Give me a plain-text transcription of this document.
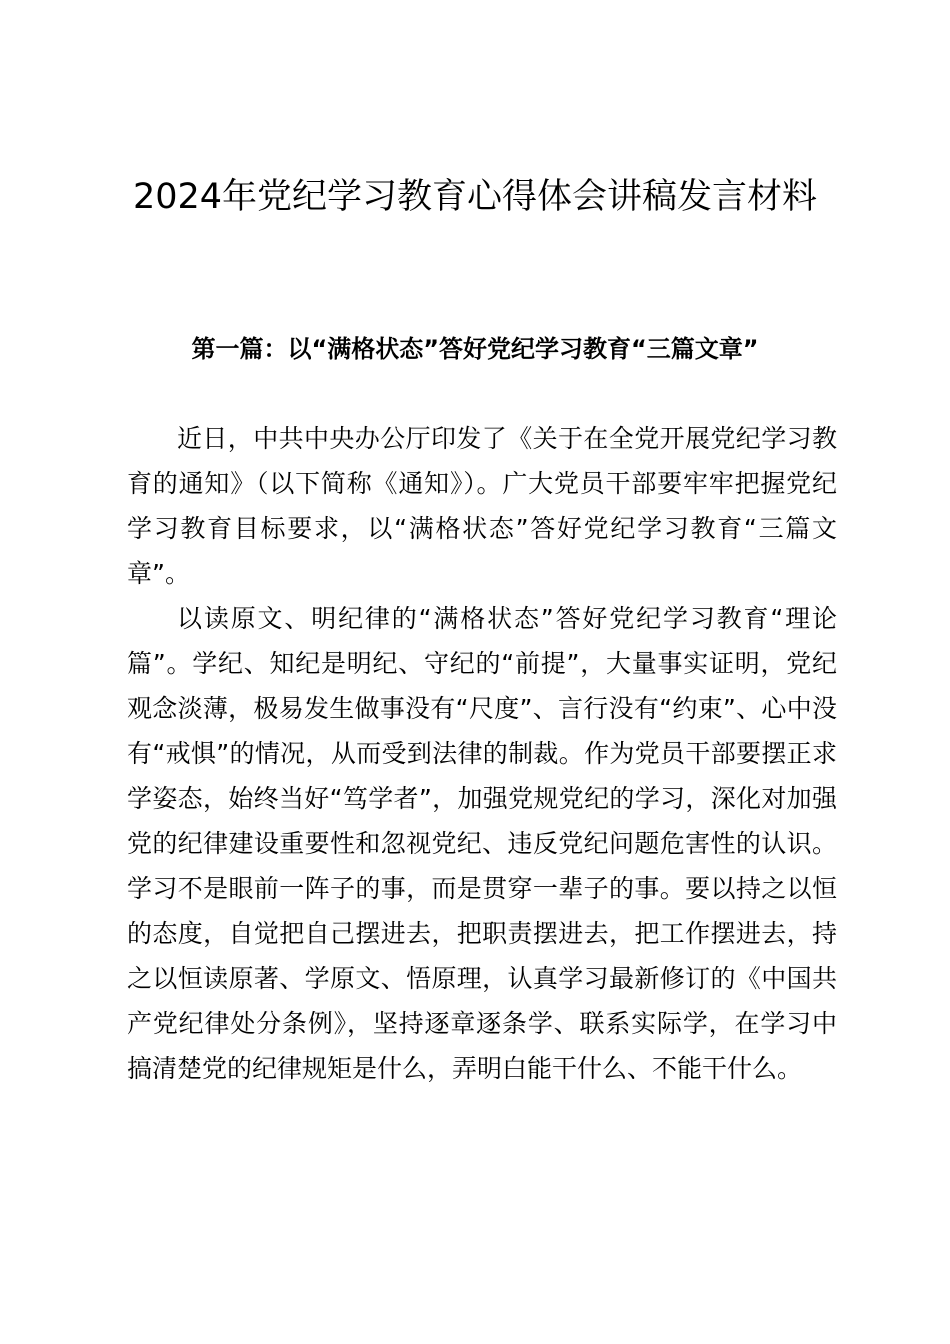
2024年党纪学习教育心得体会讲稿发言材料
第一篇：以“满格状态”答好党纪学习教育“三篇文章”

近日，中共中央办公厅印发了《关于在全党开展党纪学习教育的通知》（以下简称《通知》）。广大党员干部要牢牢把握党纪学习教育目标要求，以“满格状态”答好党纪学习教育“三篇文章”。

以读原文、明纪律的“满格状态”答好党纪学习教育“理论篇”。学纪、知纪是明纪、守纪的“前提”，大量事实证明，党纪观念淡薄，极易发生做事没有“尺度”、言行没有“约束”、心中没有“戒惧”的情况，从而受到法律的制裁。作为党员干部要摆正求学姿态，始终当好“笃学者”，加强党规党纪的学习，深化对加强党的纪律建设重要性和忽视党纪、违反党纪问题危害性的认识。学习不是眼前一阵子的事，而是贯穿一辈子的事。要以持之以恒的态度，自觉把自己摆进去，把职责摆进去，把工作摆进去，持之以恒读原著、学原文、悟原理，认真学习最新修订的《中国共产党纪律处分条例》，坚持逐章逐条学、联系实际学，在学习中搞清楚党的纪律规矩是什么，弄明白能干什么、不能干什么。
